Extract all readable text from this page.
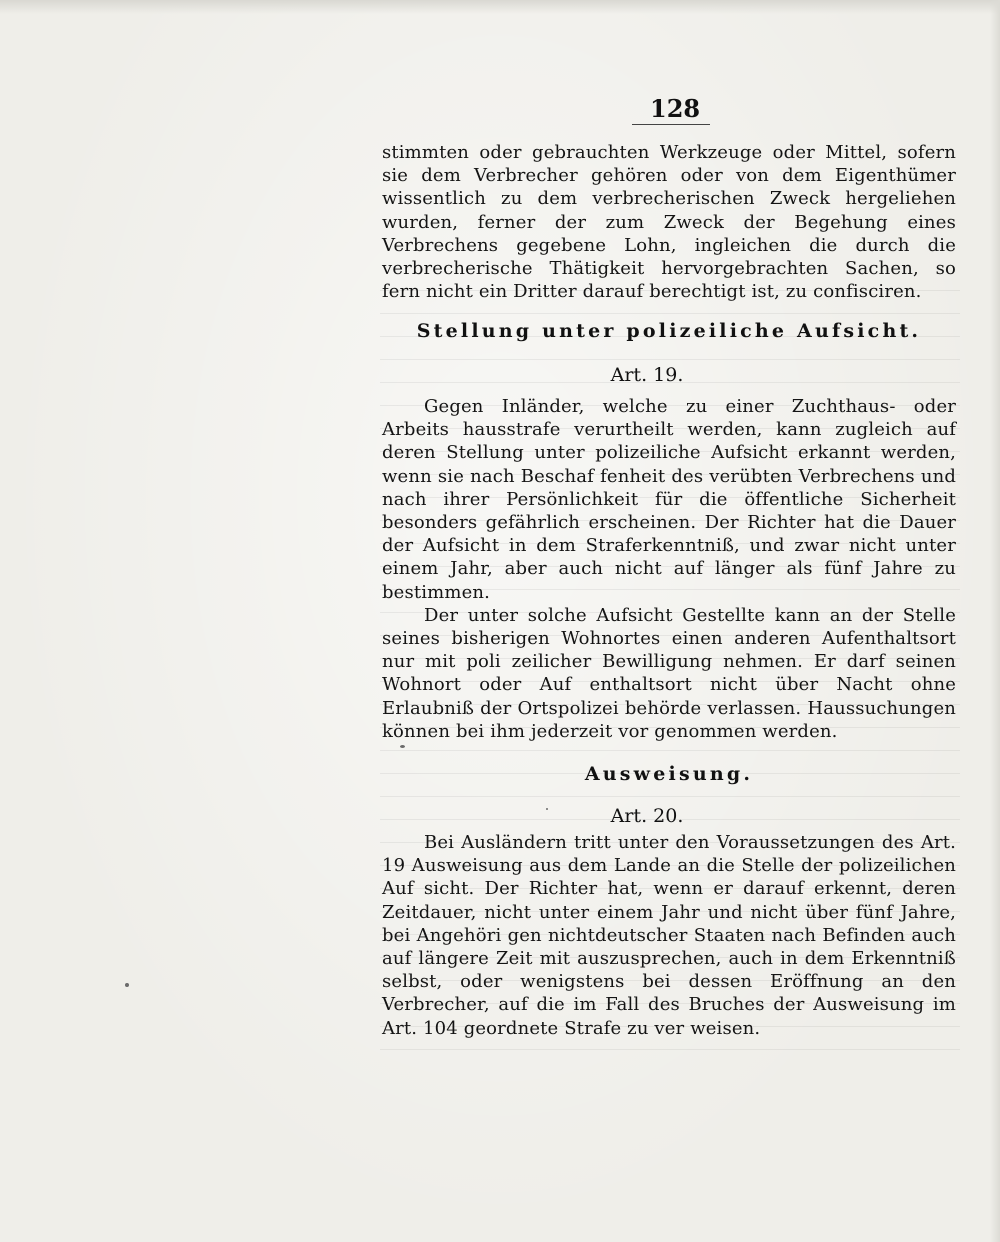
128

stimmten oder gebrauchten Werkzeuge oder Mittel, sofern sie dem Verbrecher gehören oder von dem Eigenthümer wissentlich zu dem verbrecherischen Zweck hergeliehen wurden, ferner der zum Zweck der Begehung eines Verbrechens gegebene Lohn, ingleichen die durch die verbrecherische Thätigkeit hervorgebrachten Sachen, so fern nicht ein Dritter darauf berechtigt ist, zu confisciren.

Stellung unter polizeiliche Aufsicht.
Art. 19.

Gegen Inländer, welche zu einer Zuchthaus- oder Arbeits hausstrafe verurtheilt werden, kann zugleich auf deren Stellung unter polizeiliche Aufsicht erkannt werden, wenn sie nach Beschaf fenheit des verübten Verbrechens und nach ihrer Persönlichkeit für die öffentliche Sicherheit besonders gefährlich erscheinen. Der Richter hat die Dauer der Aufsicht in dem Straferkenntniß, und zwar nicht unter einem Jahr, aber auch nicht auf länger als fünf Jahre zu bestimmen.

Der unter solche Aufsicht Gestellte kann an der Stelle seines bisherigen Wohnortes einen anderen Aufenthaltsort nur mit poli zeilicher Bewilligung nehmen. Er darf seinen Wohnort oder Auf enthaltsort nicht über Nacht ohne Erlaubniß der Ortspolizei behörde verlassen. Haussuchungen können bei ihm jederzeit vor genommen werden.

Ausweisung.
Art. 20.

Bei Ausländern tritt unter den Voraussetzungen des Art. 19 Ausweisung aus dem Lande an die Stelle der polizeilichen Auf sicht. Der Richter hat, wenn er darauf erkennt, deren Zeitdauer, nicht unter einem Jahr und nicht über fünf Jahre, bei Angehöri gen nichtdeutscher Staaten nach Befinden auch auf längere Zeit mit auszusprechen, auch in dem Erkenntniß selbst, oder wenigstens bei dessen Eröffnung an den Verbrecher, auf die im Fall des Bruches der Ausweisung im Art. 104 geordnete Strafe zu ver weisen.
